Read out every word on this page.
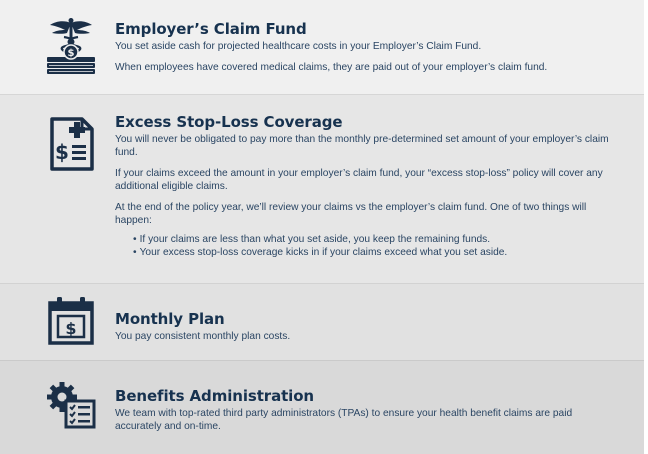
$
Employer’s Claim Fund

You set aside cash for projected healthcare costs in your Employer’s Claim Fund.

When employees have covered medical claims, they are paid out of your employer’s claim fund.

$
Excess Stop-Loss Coverage

You will never be obligated to pay more than the monthly pre-determined set amount of your employer’s claim fund.

If your claims exceed the amount in your employer’s claim fund, your “excess stop-loss” policy will cover any additional eligible claims.

At the end of the policy year, we’ll review your claims vs the employer’s claim fund. One of two things will happen:

• If your claims are less than what you set aside, you keep the remaining funds.
• Your excess stop-loss coverage kicks in if your claims exceed what you set aside.
$	Monthly Plan

You pay consistent monthly plan costs.

Benefits Administration

We team with top-rated third party administrators (TPAs) to ensure your health benefit claims are paid accurately and on-time.
